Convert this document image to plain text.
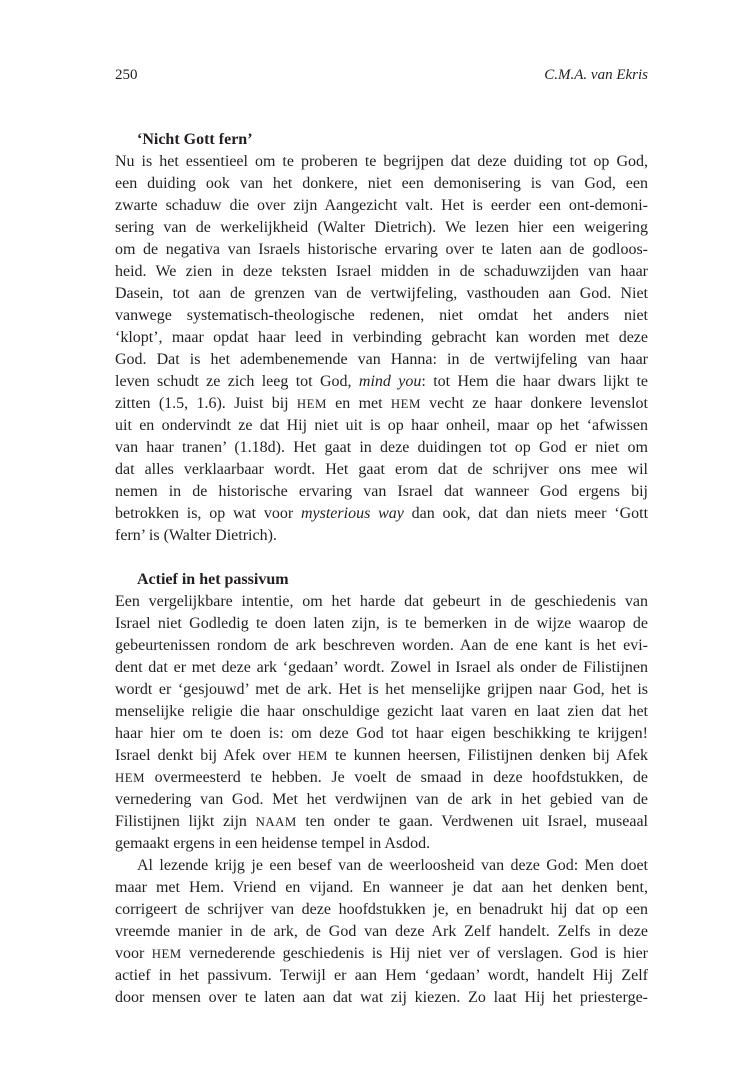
250	C.M.A. van Ekris
‘Nicht Gott fern’
Nu is het essentieel om te proberen te begrijpen dat deze duiding tot op God,
een duiding ook van het donkere, niet een demonisering is van God, een
zwarte schaduw die over zijn Aangezicht valt. Het is eerder een ont-demoni-
sering van de werkelijkheid (Walter Dietrich). We lezen hier een weigering
om de negativa van Israels historische ervaring over te laten aan de godloos-
heid. We zien in deze teksten Israel midden in de schaduwzijden van haar
Dasein, tot aan de grenzen van de vertwijfeling, vasthouden aan God. Niet
vanwege systematisch-theologische redenen, niet omdat het anders niet
‘klopt’, maar opdat haar leed in verbinding gebracht kan worden met deze
God. Dat is het adembenemende van Hanna: in de vertwijfeling van haar
leven schudt ze zich leeg tot God, mind you: tot Hem die haar dwars lijkt te
zitten (1.5, 1.6). Juist bij HEM en met HEM vecht ze haar donkere levenslot
uit en ondervindt ze dat Hij niet uit is op haar onheil, maar op het ‘afwissen
van haar tranen’ (1.18d). Het gaat in deze duidingen tot op God er niet om
dat alles verklaarbaar wordt. Het gaat erom dat de schrijver ons mee wil
nemen in de historische ervaring van Israel dat wanneer God ergens bij
betrokken is, op wat voor mysterious way dan ook, dat dan niets meer ‘Gott
fern’ is (Walter Dietrich).
Actief in het passivum
Een vergelijkbare intentie, om het harde dat gebeurt in de geschiedenis van
Israel niet Godledig te doen laten zijn, is te bemerken in de wijze waarop de
gebeurtenissen rondom de ark beschreven worden. Aan de ene kant is het evi-
dent dat er met deze ark ‘gedaan’ wordt. Zowel in Israel als onder de Filistijnen
wordt er ‘gesjouwd’ met de ark. Het is het menselijke grijpen naar God, het is
menselijke religie die haar onschuldige gezicht laat varen en laat zien dat het
haar hier om te doen is: om deze God tot haar eigen beschikking te krijgen!
Israel denkt bij Afek over HEM te kunnen heersen, Filistijnen denken bij Afek
HEM overmeesterd te hebben. Je voelt de smaad in deze hoofdstukken, de
vernedering van God. Met het verdwijnen van de ark in het gebied van de
Filistijnen lijkt zijn NAAM ten onder te gaan. Verdwenen uit Israel, museaal
gemaakt ergens in een heidense tempel in Asdod.
Al lezende krijg je een besef van de weerloosheid van deze God: Men doet
maar met Hem. Vriend en vijand. En wanneer je dat aan het denken bent,
corrigeert de schrijver van deze hoofdstukken je, en benadrukt hij dat op een
vreemde manier in de ark, de God van deze Ark Zelf handelt. Zelfs in deze
voor HEM vernederende geschiedenis is Hij niet ver of verslagen. God is hier
actief in het passivum. Terwijl er aan Hem ‘gedaan’ wordt, handelt Hij Zelf
door mensen over te laten aan dat wat zij kiezen. Zo laat Hij het priesterge-
